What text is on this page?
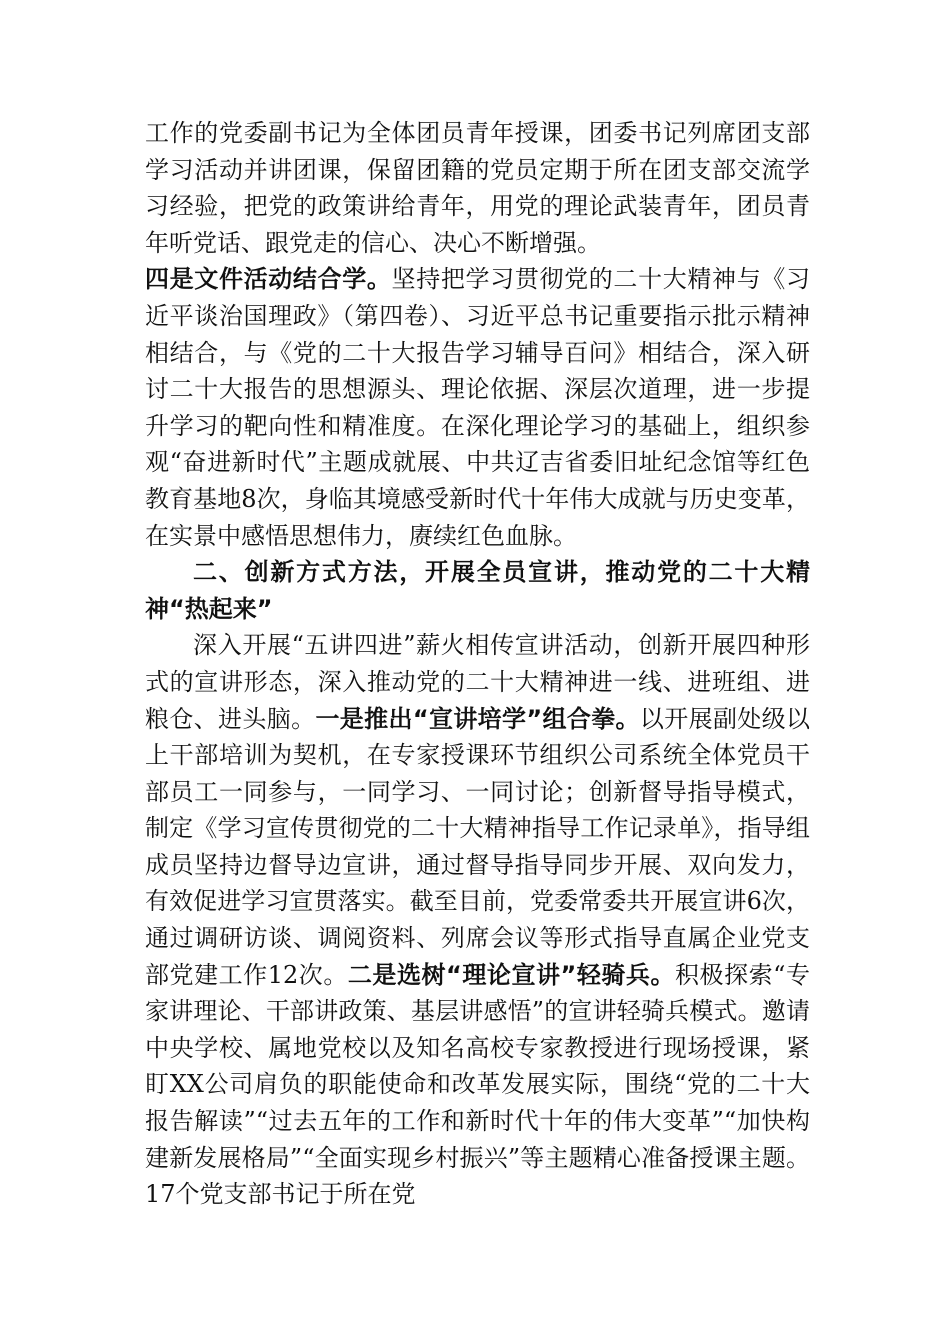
工作的党委副书记为全体团员青年授课，团委书记列席团支部学习活动并讲团课，保留团籍的党员定期于所在团支部交流学习经验，把党的政策讲给青年，用党的理论武装青年，团员青年听党话、跟党走的信心、决心不断增强。

四是文件活动结合学。坚持把学习贯彻党的二十大精神与《习近平谈治国理政》（第四卷）、习近平总书记重要指示批示精神相结合，与《党的二十大报告学习辅导百问》相结合，深入研讨二十大报告的思想源头、理论依据、深层次道理，进一步提升学习的靶向性和精准度。在深化理论学习的基础上，组织参观“奋进新时代”主题成就展、中共辽吉省委旧址纪念馆等红色教育基地8次，身临其境感受新时代十年伟大成就与历史变革，在实景中感悟思想伟力，赓续红色血脉。

二、创新方式方法，开展全员宣讲，推动党的二十大精神“热起来”

深入开展“五讲四进”薪火相传宣讲活动，创新开展四种形式的宣讲形态，深入推动党的二十大精神进一线、进班组、进粮仓、进头脑。一是推出“宣讲培学”组合拳。以开展副处级以上干部培训为契机，在专家授课环节组织公司系统全体党员干部员工一同参与，一同学习、一同讨论；创新督导指导模式，制定《学习宣传贯彻党的二十大精神指导工作记录单》，指导组成员坚持边督导边宣讲，通过督导指导同步开展、双向发力，有效促进学习宣贯落实。截至目前，党委常委共开展宣讲6次，通过调研访谈、调阅资料、列席会议等形式指导直属企业党支部党建工作12次。二是选树“理论宣讲”轻骑兵。积极探索“专家讲理论、干部讲政策、基层讲感悟”的宣讲轻骑兵模式。邀请中央学校、属地党校以及知名高校专家教授进行现场授课，紧盯XX公司肩负的职能使命和改革发展实际，围绕“党的二十大报告解读”“过去五年的工作和新时代十年的伟大变革”“加快构建新发展格局”“全面实现乡村振兴”等主题精心准备授课主题。17个党支部书记于所在党
